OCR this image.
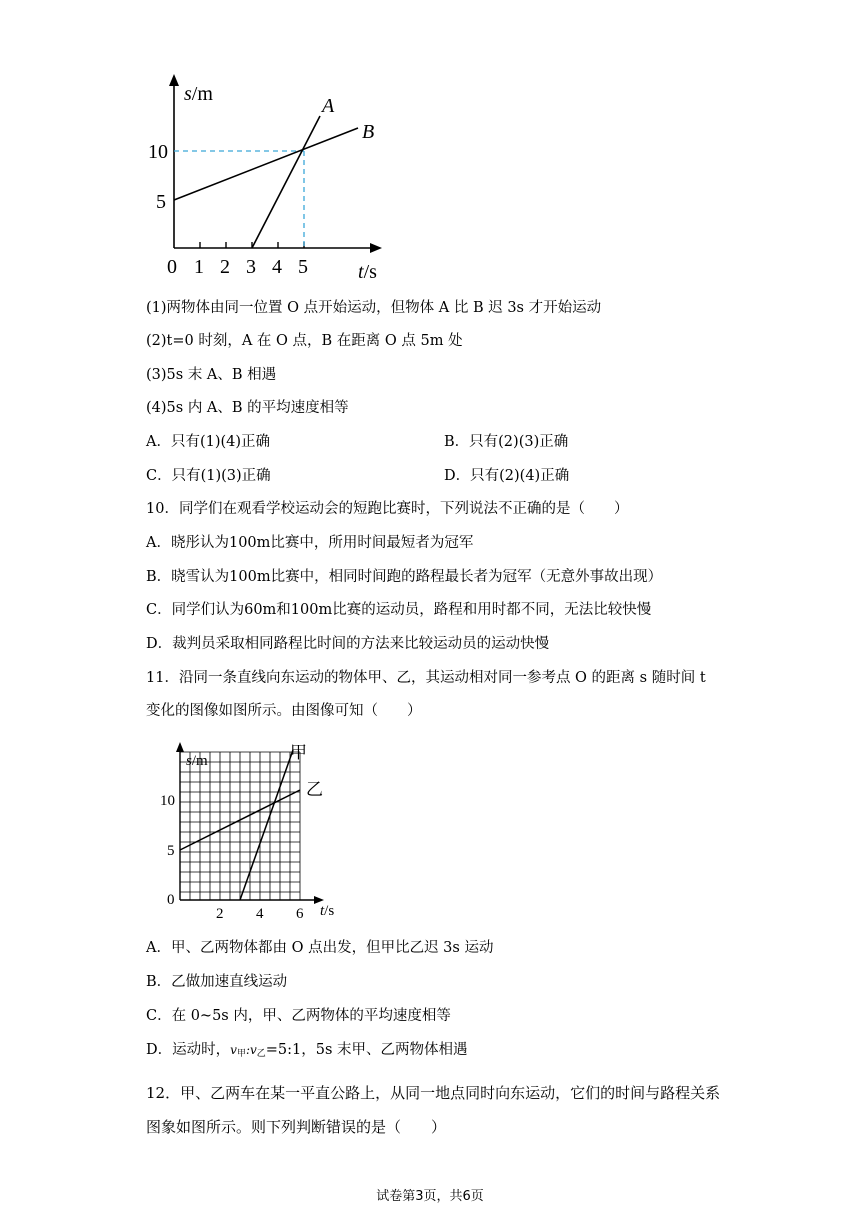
s/m
10
5
0 1 2 3 4 5	t/s
A
B
(1)两物体由同一位置 O 点开始运动，但物体 A 比 B 迟 3s 才开始运动
(2)t=0 时刻，A 在 O 点，B 在距离 O 点 5m 处
(3)5s 末 A、B 相遇
(4)5s 内 A、B 的平均速度相等
A．只有(1)(4)正确	B．只有(2)(3)正确
C．只有(1)(3)正确	D．只有(2)(4)正确
10．同学们在观看学校运动会的短跑比赛时，下列说法不正确的是（　　）
A．晓彤认为100m比赛中，所用时间最短者为冠军
B．晓雪认为100m比赛中，相同时间跑的路程最长者为冠军（无意外事故出现）
C．同学们认为60m和100m比赛的运动员，路程和用时都不同，无法比较快慢
D．裁判员采取相同路程比时间的方法来比较运动员的运动快慢
11．沿同一条直线向东运动的物体甲、乙，其运动相对同一参考点 O 的距离 s 随时间 t
变化的图像如图所示。由图像可知（　　）
s/m
10
5
0
2 4 6 t/s
甲
乙
A．甲、乙两物体都由 O 点出发，但甲比乙迟 3s 运动
B．乙做加速直线运动
C．在 0~5s 内，甲、乙两物体的平均速度相等
D．运动时，$v_甲:v_乙=5:1$，5s 末甲、乙两物体相遇
12．甲、乙两车在某一平直公路上，从同一地点同时向东运动，它们的时间与路程关系
图象如图所示。则下列判断错误的是（　　）
试卷第3页，共6页
